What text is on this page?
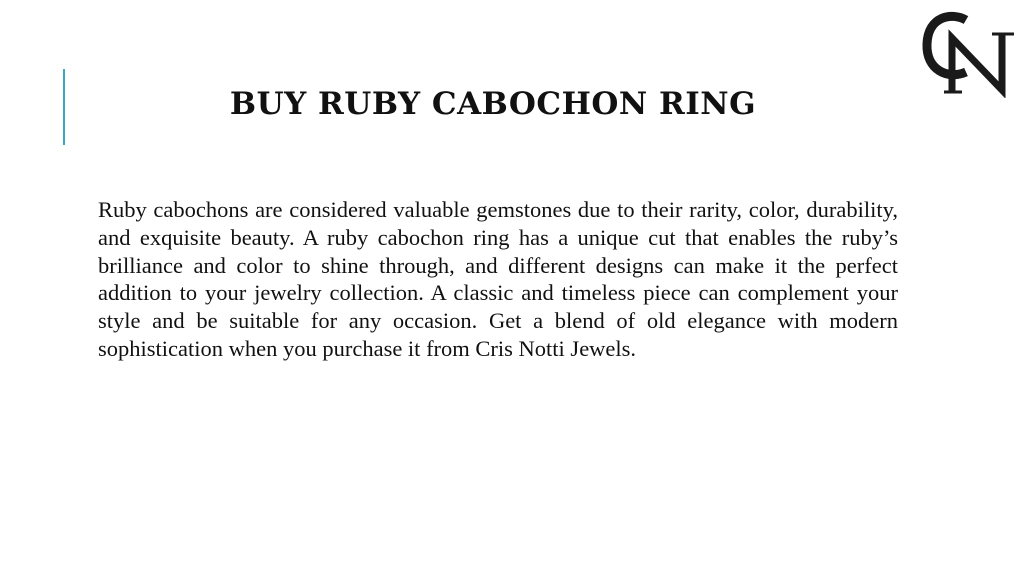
BUY RUBY CABOCHON RING

Ruby cabochons are considered valuable gemstones due to their rarity, color, durability, and exquisite beauty. A ruby cabochon ring has a unique cut that enables the ruby’s brilliance and color to shine through, and different designs can make it the perfect addition to your jewelry collection. A classic and timeless piece can complement your style and be suitable for any occasion. Get a blend of old elegance with modern sophistication when you purchase it from Cris Notti Jewels.
